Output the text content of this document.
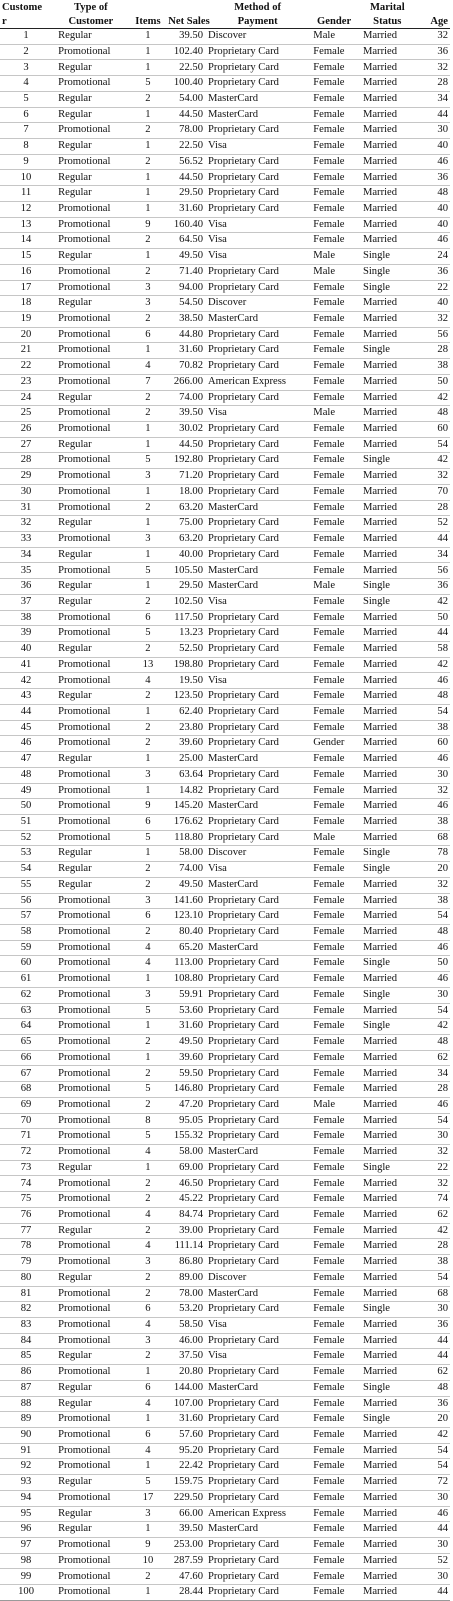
Custome	Type of			Method of		Marital	
r	Customer	Items	Net Sales	Payment	Gender	Status	Age
1	Regular	1	39.50	Discover	Male	Married	32
2	Promotional	1	102.40	Proprietary Card	Female	Married	36
3	Regular	1	22.50	Proprietary Card	Female	Married	32
4	Promotional	5	100.40	Proprietary Card	Female	Married	28
5	Regular	2	54.00	MasterCard	Female	Married	34
6	Regular	1	44.50	MasterCard	Female	Married	44
7	Promotional	2	78.00	Proprietary Card	Female	Married	30
8	Regular	1	22.50	Visa	Female	Married	40
9	Promotional	2	56.52	Proprietary Card	Female	Married	46
10	Regular	1	44.50	Proprietary Card	Female	Married	36
11	Regular	1	29.50	Proprietary Card	Female	Married	48
12	Promotional	1	31.60	Proprietary Card	Female	Married	40
13	Promotional	9	160.40	Visa	Female	Married	40
14	Promotional	2	64.50	Visa	Female	Married	46
15	Regular	1	49.50	Visa	Male	Single	24
16	Promotional	2	71.40	Proprietary Card	Male	Single	36
17	Promotional	3	94.00	Proprietary Card	Female	Single	22
18	Regular	3	54.50	Discover	Female	Married	40
19	Promotional	2	38.50	MasterCard	Female	Married	32
20	Promotional	6	44.80	Proprietary Card	Female	Married	56
21	Promotional	1	31.60	Proprietary Card	Female	Single	28
22	Promotional	4	70.82	Proprietary Card	Female	Married	38
23	Promotional	7	266.00	American Express	Female	Married	50
24	Regular	2	74.00	Proprietary Card	Female	Married	42
25	Promotional	2	39.50	Visa	Male	Married	48
26	Promotional	1	30.02	Proprietary Card	Female	Married	60
27	Regular	1	44.50	Proprietary Card	Female	Married	54
28	Promotional	5	192.80	Proprietary Card	Female	Single	42
29	Promotional	3	71.20	Proprietary Card	Female	Married	32
30	Promotional	1	18.00	Proprietary Card	Female	Married	70
31	Promotional	2	63.20	MasterCard	Female	Married	28
32	Regular	1	75.00	Proprietary Card	Female	Married	52
33	Promotional	3	63.20	Proprietary Card	Female	Married	44
34	Regular	1	40.00	Proprietary Card	Female	Married	34
35	Promotional	5	105.50	MasterCard	Female	Married	56
36	Regular	1	29.50	MasterCard	Male	Single	36
37	Regular	2	102.50	Visa	Female	Single	42
38	Promotional	6	117.50	Proprietary Card	Female	Married	50
39	Promotional	5	13.23	Proprietary Card	Female	Married	44
40	Regular	2	52.50	Proprietary Card	Female	Married	58
41	Promotional	13	198.80	Proprietary Card	Female	Married	42
42	Promotional	4	19.50	Visa	Female	Married	46
43	Regular	2	123.50	Proprietary Card	Female	Married	48
44	Promotional	1	62.40	Proprietary Card	Female	Married	54
45	Promotional	2	23.80	Proprietary Card	Female	Married	38
46	Promotional	2	39.60	Proprietary Card	Gender	Married	60
47	Regular	1	25.00	MasterCard	Female	Married	46
48	Promotional	3	63.64	Proprietary Card	Female	Married	30
49	Promotional	1	14.82	Proprietary Card	Female	Married	32
50	Promotional	9	145.20	MasterCard	Female	Married	46
51	Promotional	6	176.62	Proprietary Card	Female	Married	38
52	Promotional	5	118.80	Proprietary Card	Male	Married	68
53	Regular	1	58.00	Discover	Female	Single	78
54	Regular	2	74.00	Visa	Female	Single	20
55	Regular	2	49.50	MasterCard	Female	Married	32
56	Promotional	3	141.60	Proprietary Card	Female	Married	38
57	Promotional	6	123.10	Proprietary Card	Female	Married	54
58	Promotional	2	80.40	Proprietary Card	Female	Married	48
59	Promotional	4	65.20	MasterCard	Female	Married	46
60	Promotional	4	113.00	Proprietary Card	Female	Single	50
61	Promotional	1	108.80	Proprietary Card	Female	Married	46
62	Promotional	3	59.91	Proprietary Card	Female	Single	30
63	Promotional	5	53.60	Proprietary Card	Female	Married	54
64	Promotional	1	31.60	Proprietary Card	Female	Single	42
65	Promotional	2	49.50	Proprietary Card	Female	Married	48
66	Promotional	1	39.60	Proprietary Card	Female	Married	62
67	Promotional	2	59.50	Proprietary Card	Female	Married	34
68	Promotional	5	146.80	Proprietary Card	Female	Married	28
69	Promotional	2	47.20	Proprietary Card	Male	Married	46
70	Promotional	8	95.05	Proprietary Card	Female	Married	54
71	Promotional	5	155.32	Proprietary Card	Female	Married	30
72	Promotional	4	58.00	MasterCard	Female	Married	32
73	Regular	1	69.00	Proprietary Card	Female	Single	22
74	Promotional	2	46.50	Proprietary Card	Female	Married	32
75	Promotional	2	45.22	Proprietary Card	Female	Married	74
76	Promotional	4	84.74	Proprietary Card	Female	Married	62
77	Regular	2	39.00	Proprietary Card	Female	Married	42
78	Promotional	4	111.14	Proprietary Card	Female	Married	28
79	Promotional	3	86.80	Proprietary Card	Female	Married	38
80	Regular	2	89.00	Discover	Female	Married	54
81	Promotional	2	78.00	MasterCard	Female	Married	68
82	Promotional	6	53.20	Proprietary Card	Female	Single	30
83	Promotional	4	58.50	Visa	Female	Married	36
84	Promotional	3	46.00	Proprietary Card	Female	Married	44
85	Regular	2	37.50	Visa	Female	Married	44
86	Promotional	1	20.80	Proprietary Card	Female	Married	62
87	Regular	6	144.00	MasterCard	Female	Single	48
88	Regular	4	107.00	Proprietary Card	Female	Married	36
89	Promotional	1	31.60	Proprietary Card	Female	Single	20
90	Promotional	6	57.60	Proprietary Card	Female	Married	42
91	Promotional	4	95.20	Proprietary Card	Female	Married	54
92	Promotional	1	22.42	Proprietary Card	Female	Married	54
93	Regular	5	159.75	Proprietary Card	Female	Married	72
94	Promotional	17	229.50	Proprietary Card	Female	Married	30
95	Regular	3	66.00	American Express	Female	Married	46
96	Regular	1	39.50	MasterCard	Female	Married	44
97	Promotional	9	253.00	Proprietary Card	Female	Married	30
98	Promotional	10	287.59	Proprietary Card	Female	Married	52
99	Promotional	2	47.60	Proprietary Card	Female	Married	30
100	Promotional	1	28.44	Proprietary Card	Female	Married	44
